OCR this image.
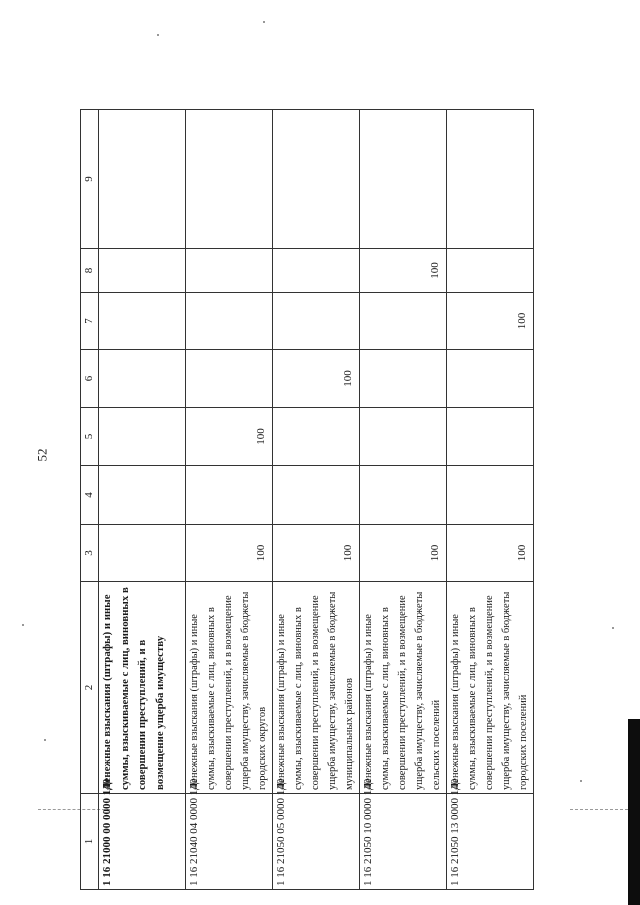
52
1	2	3	4	5	6	7	8	9
1 16 21000 00 0000 140	Денежные взыскания (штрафы) и иные суммы, взыскиваемые с лиц, виновных в совершении преступлений, и в возмещение ущерба имуществу							
1 16 21040 04 0000 140	Денежные взыскания (штрафы) и иные суммы, взыскиваемые с лиц, виновных в совершении преступлений, и в возмещение ущерба имуществу, зачисляемые в бюджеты городских округов	100		100				
1 16 21050 05 0000 140	Денежные взыскания (штрафы) и иные суммы, взыскиваемые с лиц, виновных в совершении преступлений, и в возмещение ущерба имуществу, зачисляемые в бюджеты муниципальных районов	100			100			
1 16 21050 10 0000 140	Денежные взыскания (штрафы) и иные суммы, взыскиваемые с лиц, виновных в совершении преступлений, и в возмещение ущерба имуществу, зачисляемые в бюджеты сельских поселений	100					100	
1 16 21050 13 0000 140	Денежные взыскания (штрафы) и иные суммы, взыскиваемые с лиц, виновных в совершении преступлений, и в возмещение ущерба имуществу, зачисляемые в бюджеты городских поселений	100				100		
